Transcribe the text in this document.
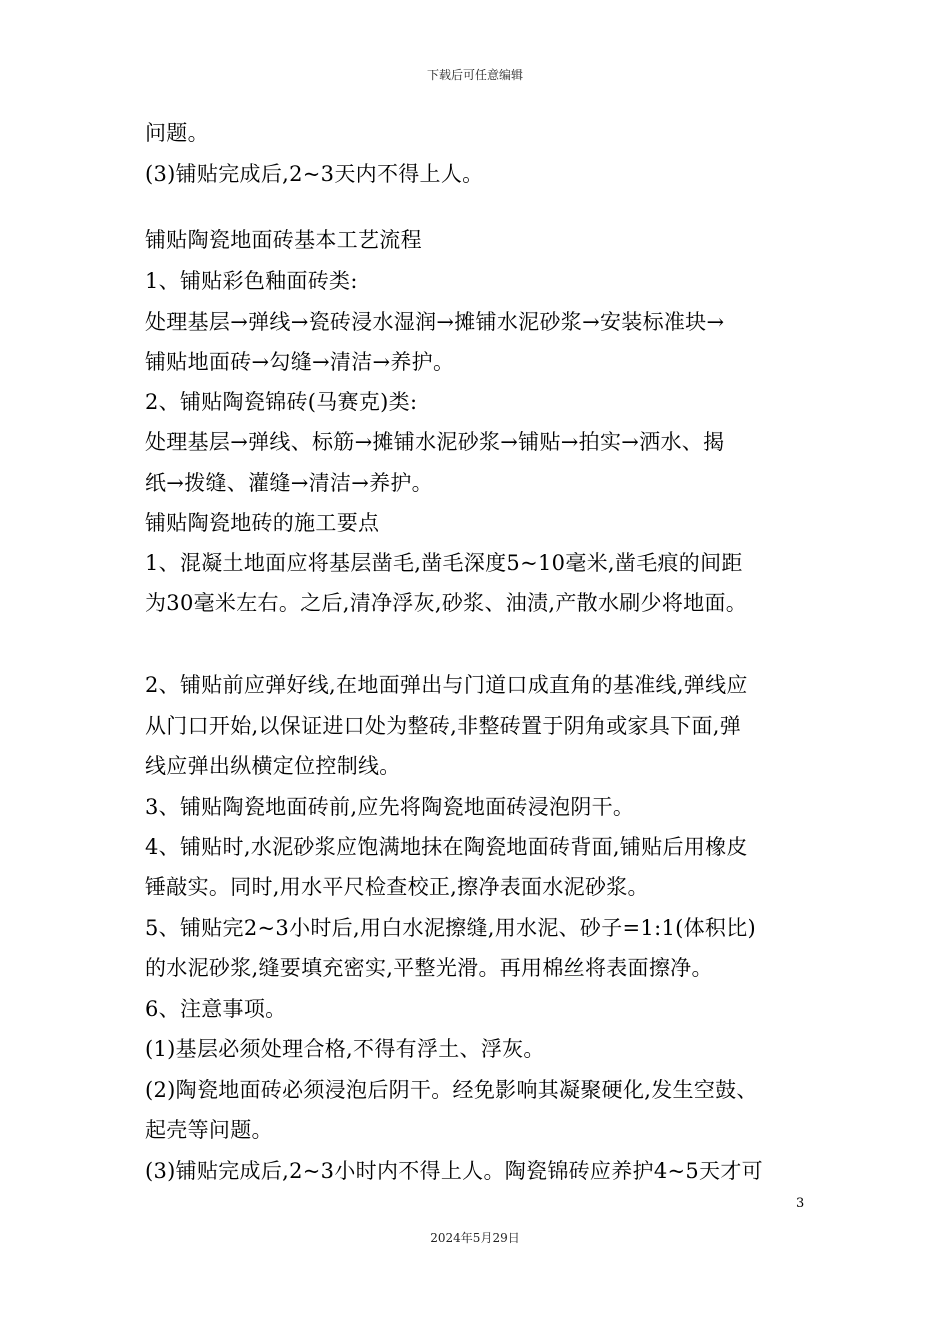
下载后可任意编辑
问题。
(3)铺贴完成后,2~3天内不得上人。
铺贴陶瓷地面砖基本工艺流程
1、铺贴彩色釉面砖类:
处理基层→弹线→瓷砖浸水湿润→摊铺水泥砂浆→安装标准块→
铺贴地面砖→勾缝→清洁→养护。
2、铺贴陶瓷锦砖(马赛克)类:
处理基层→弹线、标筋→摊铺水泥砂浆→铺贴→拍实→洒水、揭
纸→拨缝、灌缝→清洁→养护。
铺贴陶瓷地砖的施工要点
1、混凝土地面应将基层凿毛,凿毛深度5~10毫米,凿毛痕的间距
为30毫米左右。之后,清净浮灰,砂浆、油渍,产散水刷少将地面。
2、铺贴前应弹好线,在地面弹出与门道口成直角的基准线,弹线应
从门口开始,以保证进口处为整砖,非整砖置于阴角或家具下面,弹
线应弹出纵横定位控制线。
3、铺贴陶瓷地面砖前,应先将陶瓷地面砖浸泡阴干。
4、铺贴时,水泥砂浆应饱满地抹在陶瓷地面砖背面,铺贴后用橡皮
锤敲实。同时,用水平尺检查校正,擦净表面水泥砂浆。
5、铺贴完2~3小时后,用白水泥擦缝,用水泥、砂子=1:1(体积比)
的水泥砂浆,缝要填充密实,平整光滑。再用棉丝将表面擦净。
6、注意事项。
(1)基层必须处理合格,不得有浮土、浮灰。
(2)陶瓷地面砖必须浸泡后阴干。经免影响其凝聚硬化,发生空鼓、
起壳等问题。
(3)铺贴完成后,2~3小时内不得上人。陶瓷锦砖应养护4~5天才可
3
2024年5月29日
